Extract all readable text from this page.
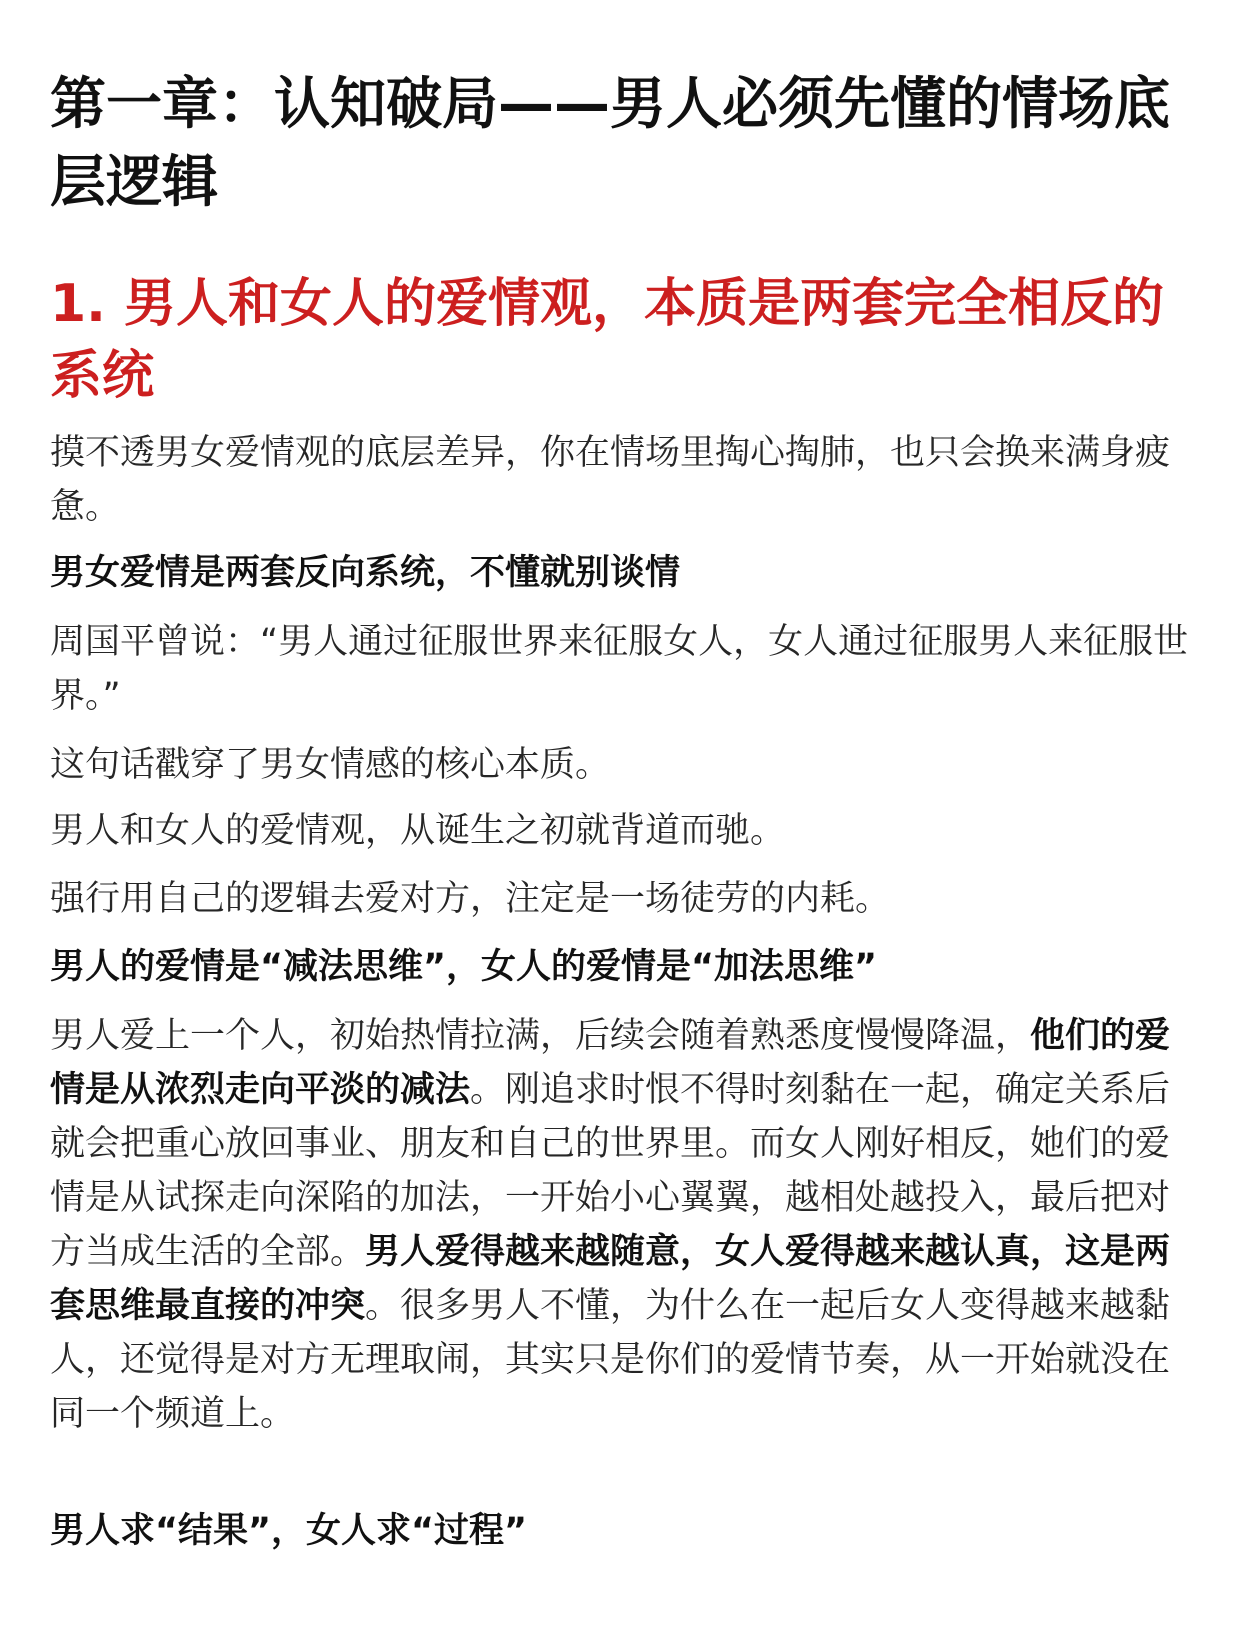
第一章：认知破局——男人必须先懂的情场底层逻辑
1. 男人和女人的爱情观，本质是两套完全相反的系统

摸不透男女爱情观的底层差异，你在情场里掏心掏肺，也只会换来满身疲惫。

男女爱情是两套反向系统，不懂就别谈情

周国平曾说：“男人通过征服世界来征服女人，女人通过征服男人来征服世界。”

这句话戳穿了男女情感的核心本质。

男人和女人的爱情观，从诞生之初就背道而驰。

强行用自己的逻辑去爱对方，注定是一场徒劳的内耗。

男人的爱情是“减法思维”，女人的爱情是“加法思维”

男人爱上一个人，初始热情拉满，后续会随着熟悉度慢慢降温，他们的爱情是从浓烈走向平淡的减法。刚追求时恨不得时刻黏在一起，确定关系后就会把重心放回事业、朋友和自己的世界里。而女人刚好相反，她们的爱情是从试探走向深陷的加法，一开始小心翼翼，越相处越投入，最后把对方当成生活的全部。男人爱得越来越随意，女人爱得越来越认真，这是两套思维最直接的冲突。很多男人不懂，为什么在一起后女人变得越来越黏人，还觉得是对方无理取闹，其实只是你们的爱情节奏，从一开始就没在同一个频道上。

男人求“结果”，女人求“过程”
